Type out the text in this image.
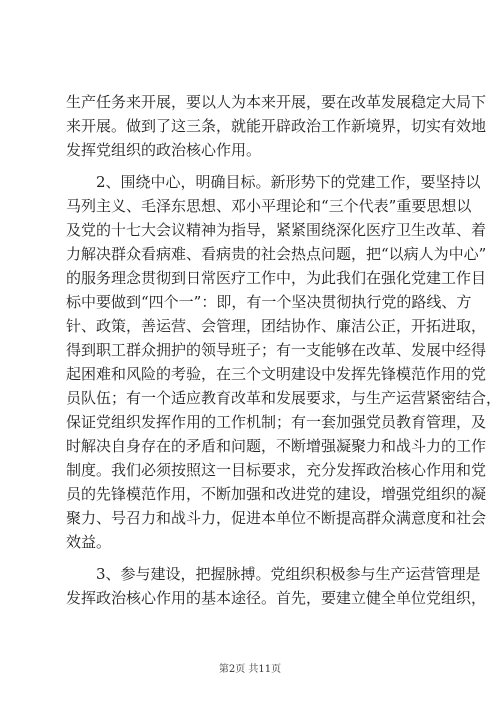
生产任务来开展，要以人为本来开展，要在改革发展稳定大局下
来开展。做到了这三条，就能开辟政治工作新境界，切实有效地
发挥党组织的政治核心作用。
2、围绕中心，明确目标。新形势下的党建工作，要坚持以
马列主义、毛泽东思想、邓小平理论和“三个代表”重要思想以
及党的十七大会议精神为指导，紧紧围绕深化医疗卫生改革、着
力解决群众看病难、看病贵的社会热点问题，把“以病人为中心”
的服务理念贯彻到日常医疗工作中，为此我们在强化党建工作目
标中要做到“四个一”：即，有一个坚决贯彻执行党的路线、方
针、政策，善运营、会管理，团结协作、廉洁公正，开拓进取，
得到职工群众拥护的领导班子；有一支能够在改革、发展中经得
起困难和风险的考验，在三个文明建设中发挥先锋模范作用的党
员队伍；有一个适应教育改革和发展要求，与生产运营紧密结合，
保证党组织发挥作用的工作机制；有一套加强党员教育管理，及
时解决自身存在的矛盾和问题，不断增强凝聚力和战斗力的工作
制度。我们必须按照这一目标要求，充分发挥政治核心作用和党
员的先锋模范作用，不断加强和改进党的建设，增强党组织的凝
聚力、号召力和战斗力，促进本单位不断提高群众满意度和社会
效益。
3、参与建设，把握脉搏。党组织积极参与生产运营管理是
发挥政治核心作用的基本途径。首先，要建立健全单位党组织，
第2页 共11页
